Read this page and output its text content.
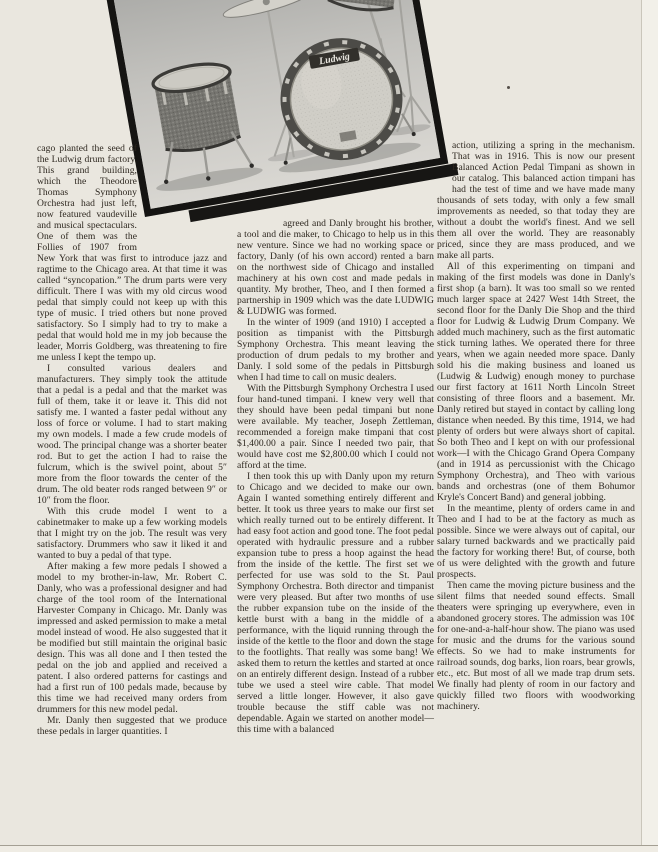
Ludwig

cago planted the seed of the Ludwig drum factory. This grand building, which the Theodore Thomas Symphony Orchestra had just left, now featured vaudeville and musical spectaculars. One of them was the Follies of 1907 from New York that was first to introduce jazz and ragtime to the Chicago area. At that time it was called “syncopation.” The drum parts were very difficult. There I was with my old circus wood pedal that simply could not keep up with this type of music. I tried others but none proved satisfactory. So I simply had to try to make a pedal that would hold me in my job because the leader, Morris Goldberg, was threatening to fire me unless I kept the tempo up.

I consulted various dealers and manufacturers. They simply took the attitude that a pedal is a pedal and that the market was full of them, take it or leave it. This did not satisfy me. I wanted a faster pedal without any loss of force or volume. I had to start making my own models. I made a few crude models of wood. The principal change was a shorter beater rod. But to get the action I had to raise the fulcrum, which is the swivel point, about 5″ more from the floor towards the center of the drum. The old beater rods ranged between 9″ or 10″ from the floor.

With this crude model I went to a cabinetmaker to make up a few working models that I might try on the job. The result was very satisfactory. Drummers who saw it liked it and wanted to buy a pedal of that type.

After making a few more pedals I showed a model to my brother-in-law, Mr. Robert C. Danly, who was a professional designer and had charge of the tool room of the International Harvester Company in Chicago. Mr. Danly was impressed and asked permission to make a metal model instead of wood. He also suggested that it be modified but still maintain the original basic design. This was all done and I then tested the pedal on the job and applied and received a patent. I also ordered patterns for castings and had a first run of 100 pedals made, because by this time we had received many orders from drummers for this new model pedal.

Mr. Danly then suggested that we produce these pedals in larger quantities. I

agreed and Danly brought his brother, a tool and die maker, to Chicago to help us in this new venture. Since we had no working space or factory, Danly (of his own accord) rented a barn on the northwest side of Chicago and installed machinery at his own cost and made pedals in quantity. My brother, Theo, and I then formed a partnership in 1909 which was the date LUDWIG & LUDWIG was formed.

In the winter of 1909 (and 1910) I accepted a position as timpanist with the Pittsburgh Symphony Orchestra. This meant leaving the production of drum pedals to my brother and Danly. I sold some of the pedals in Pittsburgh when I had time to call on music dealers.

With the Pittsburgh Symphony Orchestra I used four hand-tuned timpani. I knew very well that they should have been pedal timpani but none were available. My teacher, Joseph Zettleman, recommended a foreign make timpani that cost $1,400.00 a pair. Since I needed two pair, that would have cost me $2,800.00 which I could not afford at the time.

I then took this up with Danly upon my return to Chicago and we decided to make our own. Again I wanted something entirely different and better. It took us three years to make our first set which really turned out to be entirely different. It had easy foot action and good tone. The foot pedal operated with hydraulic pressure and a rubber expansion tube to press a hoop against the head from the inside of the kettle. The first set we perfected for use was sold to the St. Paul Symphony Orchestra. Both director and timpanist were very pleased. But after two months of use the rubber expansion tube on the inside of the kettle burst with a bang in the middle of a performance, with the liquid running through the inside of the kettle to the floor and down the stage to the footlights. That really was some bang! We asked them to return the kettles and started at once on an entirely different design. Instead of a rubber tube we used a steel wire cable. That model served a little longer. However, it also gave trouble because the stiff cable was not dependable. Again we started on another model—this time with a balanced

action, utilizing a spring in the mechanism. That was in 1916. This is now our present Balanced Action Pedal Timpani as shown in our catalog. This balanced action timpani has had the test of time and we have made many thousands of sets today, with only a few small improvements as needed, so that today they are without a doubt the world's finest. And we sell them all over the world. They are reasonably priced, since they are mass produced, and we make all parts.

All of this experimenting on timpani and making of the first models was done in Danly's first shop (a barn). It was too small so we rented much larger space at 2427 West 14th Street, the second floor for the Danly Die Shop and the third floor for Ludwig & Ludwig Drum Company. We added much machinery, such as the first automatic stick turning lathes. We operated there for three years, when we again needed more space. Danly sold his die making business and loaned us (Ludwig & Ludwig) enough money to purchase our first factory at 1611 North Lincoln Street consisting of three floors and a basement. Mr. Danly retired but stayed in contact by calling long distance when needed. By this time, 1914, we had plenty of orders but were always short of capital. So both Theo and I kept on with our professional work—I with the Chicago Grand Opera Company (and in 1914 as percussionist with the Chicago Symphony Orchestra), and Theo with various bands and orchestras (one of them Bohumor Kryle's Concert Band) and general jobbing.

In the meantime, plenty of orders came in and Theo and I had to be at the factory as much as possible. Since we were always out of capital, our salary turned backwards and we practically paid the factory for working there! But, of course, both of us were delighted with the growth and future prospects.

Then came the moving picture business and the silent films that needed sound effects. Small theaters were springing up everywhere, even in abandoned grocery stores. The admission was 10¢ for one-and-a-half-hour show. The piano was used for music and the drums for the various sound effects. So we had to make instruments for railroad sounds, dog barks, lion roars, bear growls, etc., etc. But most of all we made trap drum sets. We finally had plenty of room in our factory and quickly filled two floors with woodworking machinery.
